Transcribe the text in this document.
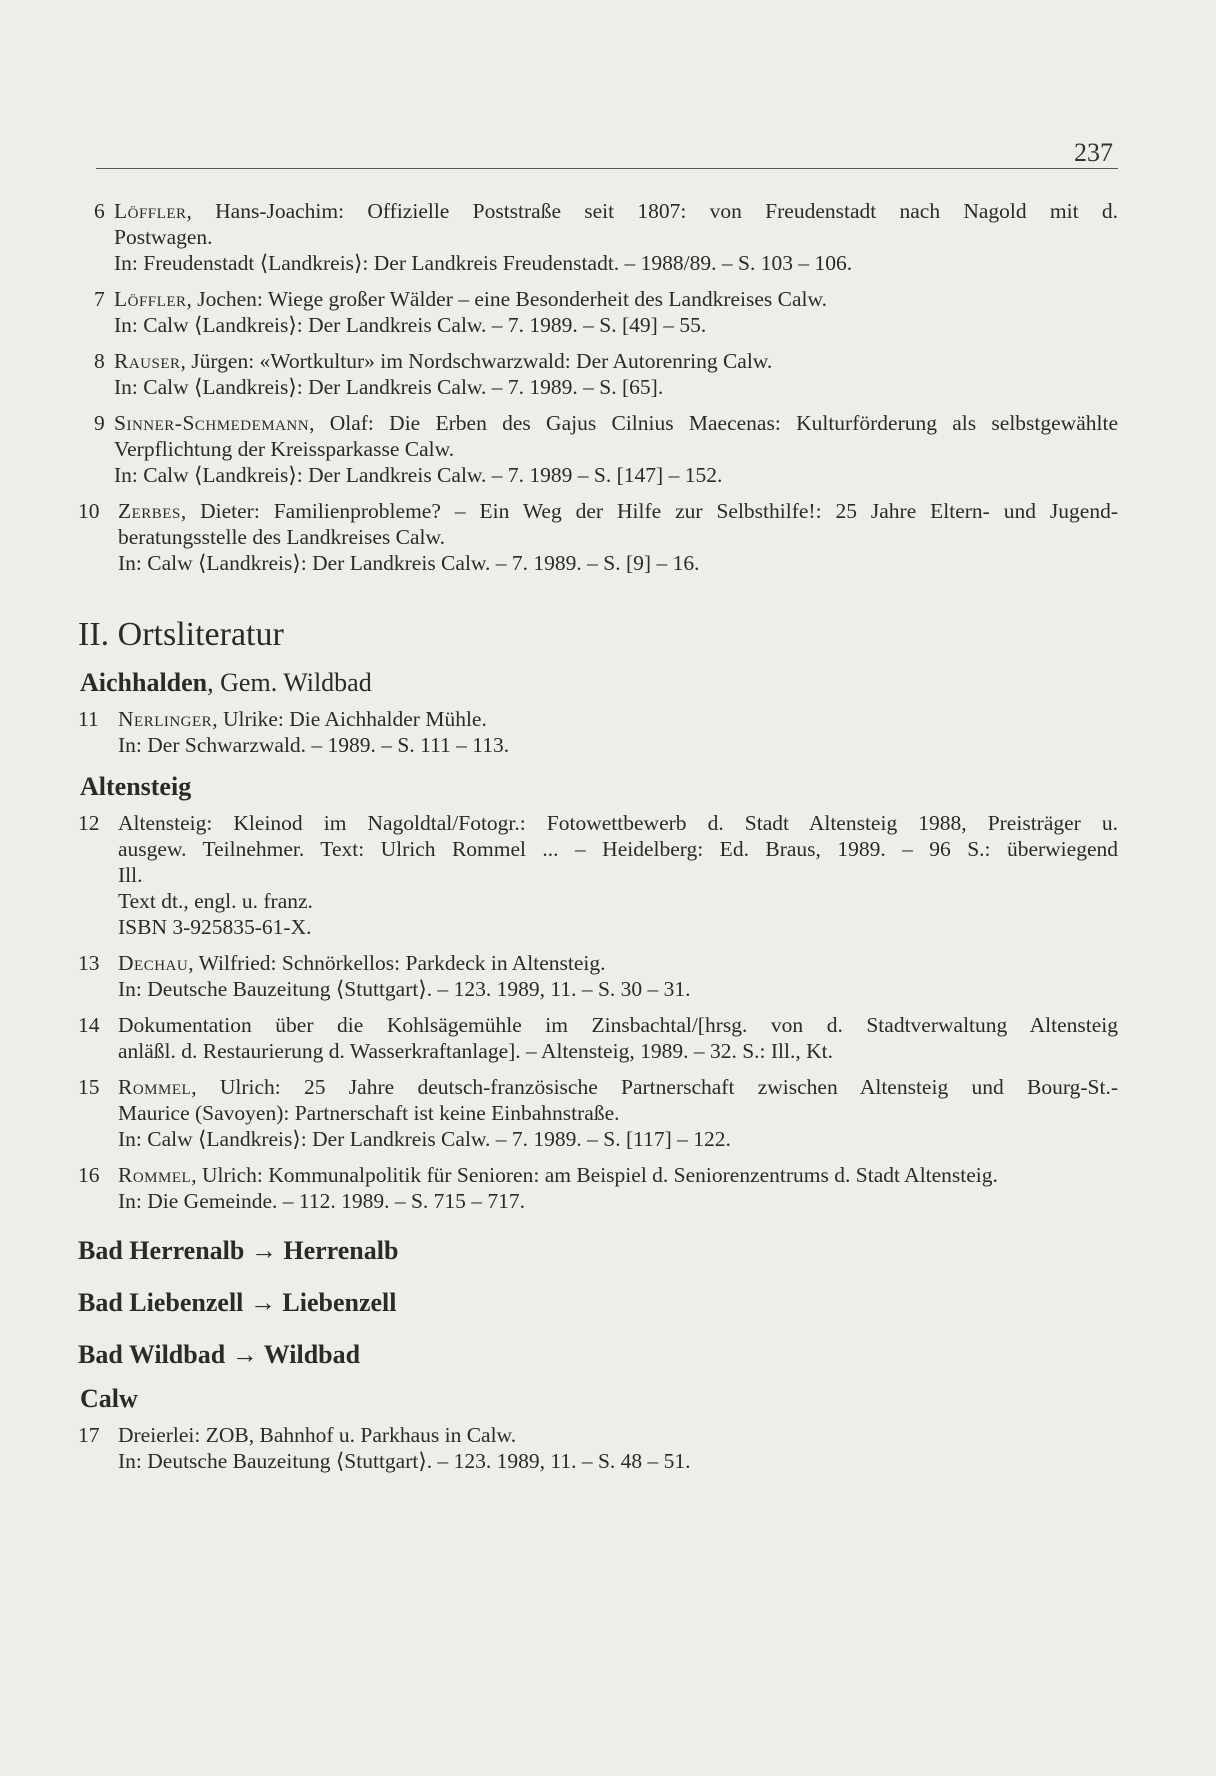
237
6 Löffler, Hans-Joachim: Offizielle Poststraße seit 1807: von Freudenstadt nach Nagold mit d.
Postwagen.
In: Freudenstadt ⟨Landkreis⟩: Der Landkreis Freudenstadt. – 1988/89. – S. 103 – 106.
7 Löffler, Jochen: Wiege großer Wälder – eine Besonderheit des Landkreises Calw.
In: Calw ⟨Landkreis⟩: Der Landkreis Calw. – 7. 1989. – S. [49] – 55.
8 Rauser, Jürgen: «Wortkultur» im Nordschwarzwald: Der Autorenring Calw.
In: Calw ⟨Landkreis⟩: Der Landkreis Calw. – 7. 1989. – S. [65].
9 Sinner-Schmedemann, Olaf: Die Erben des Gajus Cilnius Maecenas: Kulturförderung als selbstgewählte
Verpflichtung der Kreissparkasse Calw.
In: Calw ⟨Landkreis⟩: Der Landkreis Calw. – 7. 1989 – S. [147] – 152.
10 Zerbes, Dieter: Familienprobleme? – Ein Weg der Hilfe zur Selbsthilfe!: 25 Jahre Eltern- und Jugend-
beratungsstelle des Landkreises Calw.
In: Calw ⟨Landkreis⟩: Der Landkreis Calw. – 7. 1989. – S. [9] – 16.
II. Ortsliteratur
Aichhalden, Gem. Wildbad
11 Nerlinger, Ulrike: Die Aichhalder Mühle.
In: Der Schwarzwald. – 1989. – S. 111 – 113.
Altensteig
12 Altensteig: Kleinod im Nagoldtal/Fotogr.: Fotowettbewerb d. Stadt Altensteig 1988, Preisträger u.
ausgew. Teilnehmer. Text: Ulrich Rommel ... – Heidelberg: Ed. Braus, 1989. – 96 S.: überwiegend
Ill.
Text dt., engl. u. franz.
ISBN 3-925835-61-X.
13 Dechau, Wilfried: Schnörkellos: Parkdeck in Altensteig.
In: Deutsche Bauzeitung ⟨Stuttgart⟩. – 123. 1989, 11. – S. 30 – 31.
14 Dokumentation über die Kohlsägemühle im Zinsbachtal/[hrsg. von d. Stadtverwaltung Altensteig
anläßl. d. Restaurierung d. Wasserkraftanlage]. – Altensteig, 1989. – 32. S.: Ill., Kt.
15 Rommel, Ulrich: 25 Jahre deutsch-französische Partnerschaft zwischen Altensteig und Bourg-St.-
Maurice (Savoyen): Partnerschaft ist keine Einbahnstraße.
In: Calw ⟨Landkreis⟩: Der Landkreis Calw. – 7. 1989. – S. [117] – 122.
16 Rommel, Ulrich: Kommunalpolitik für Senioren: am Beispiel d. Seniorenzentrums d. Stadt Altensteig.
In: Die Gemeinde. – 112. 1989. – S. 715 – 717.
Bad Herrenalb → Herrenalb
Bad Liebenzell → Liebenzell
Bad Wildbad → Wildbad
Calw
17 Dreierlei: ZOB, Bahnhof u. Parkhaus in Calw.
In: Deutsche Bauzeitung ⟨Stuttgart⟩. – 123. 1989, 11. – S. 48 – 51.
